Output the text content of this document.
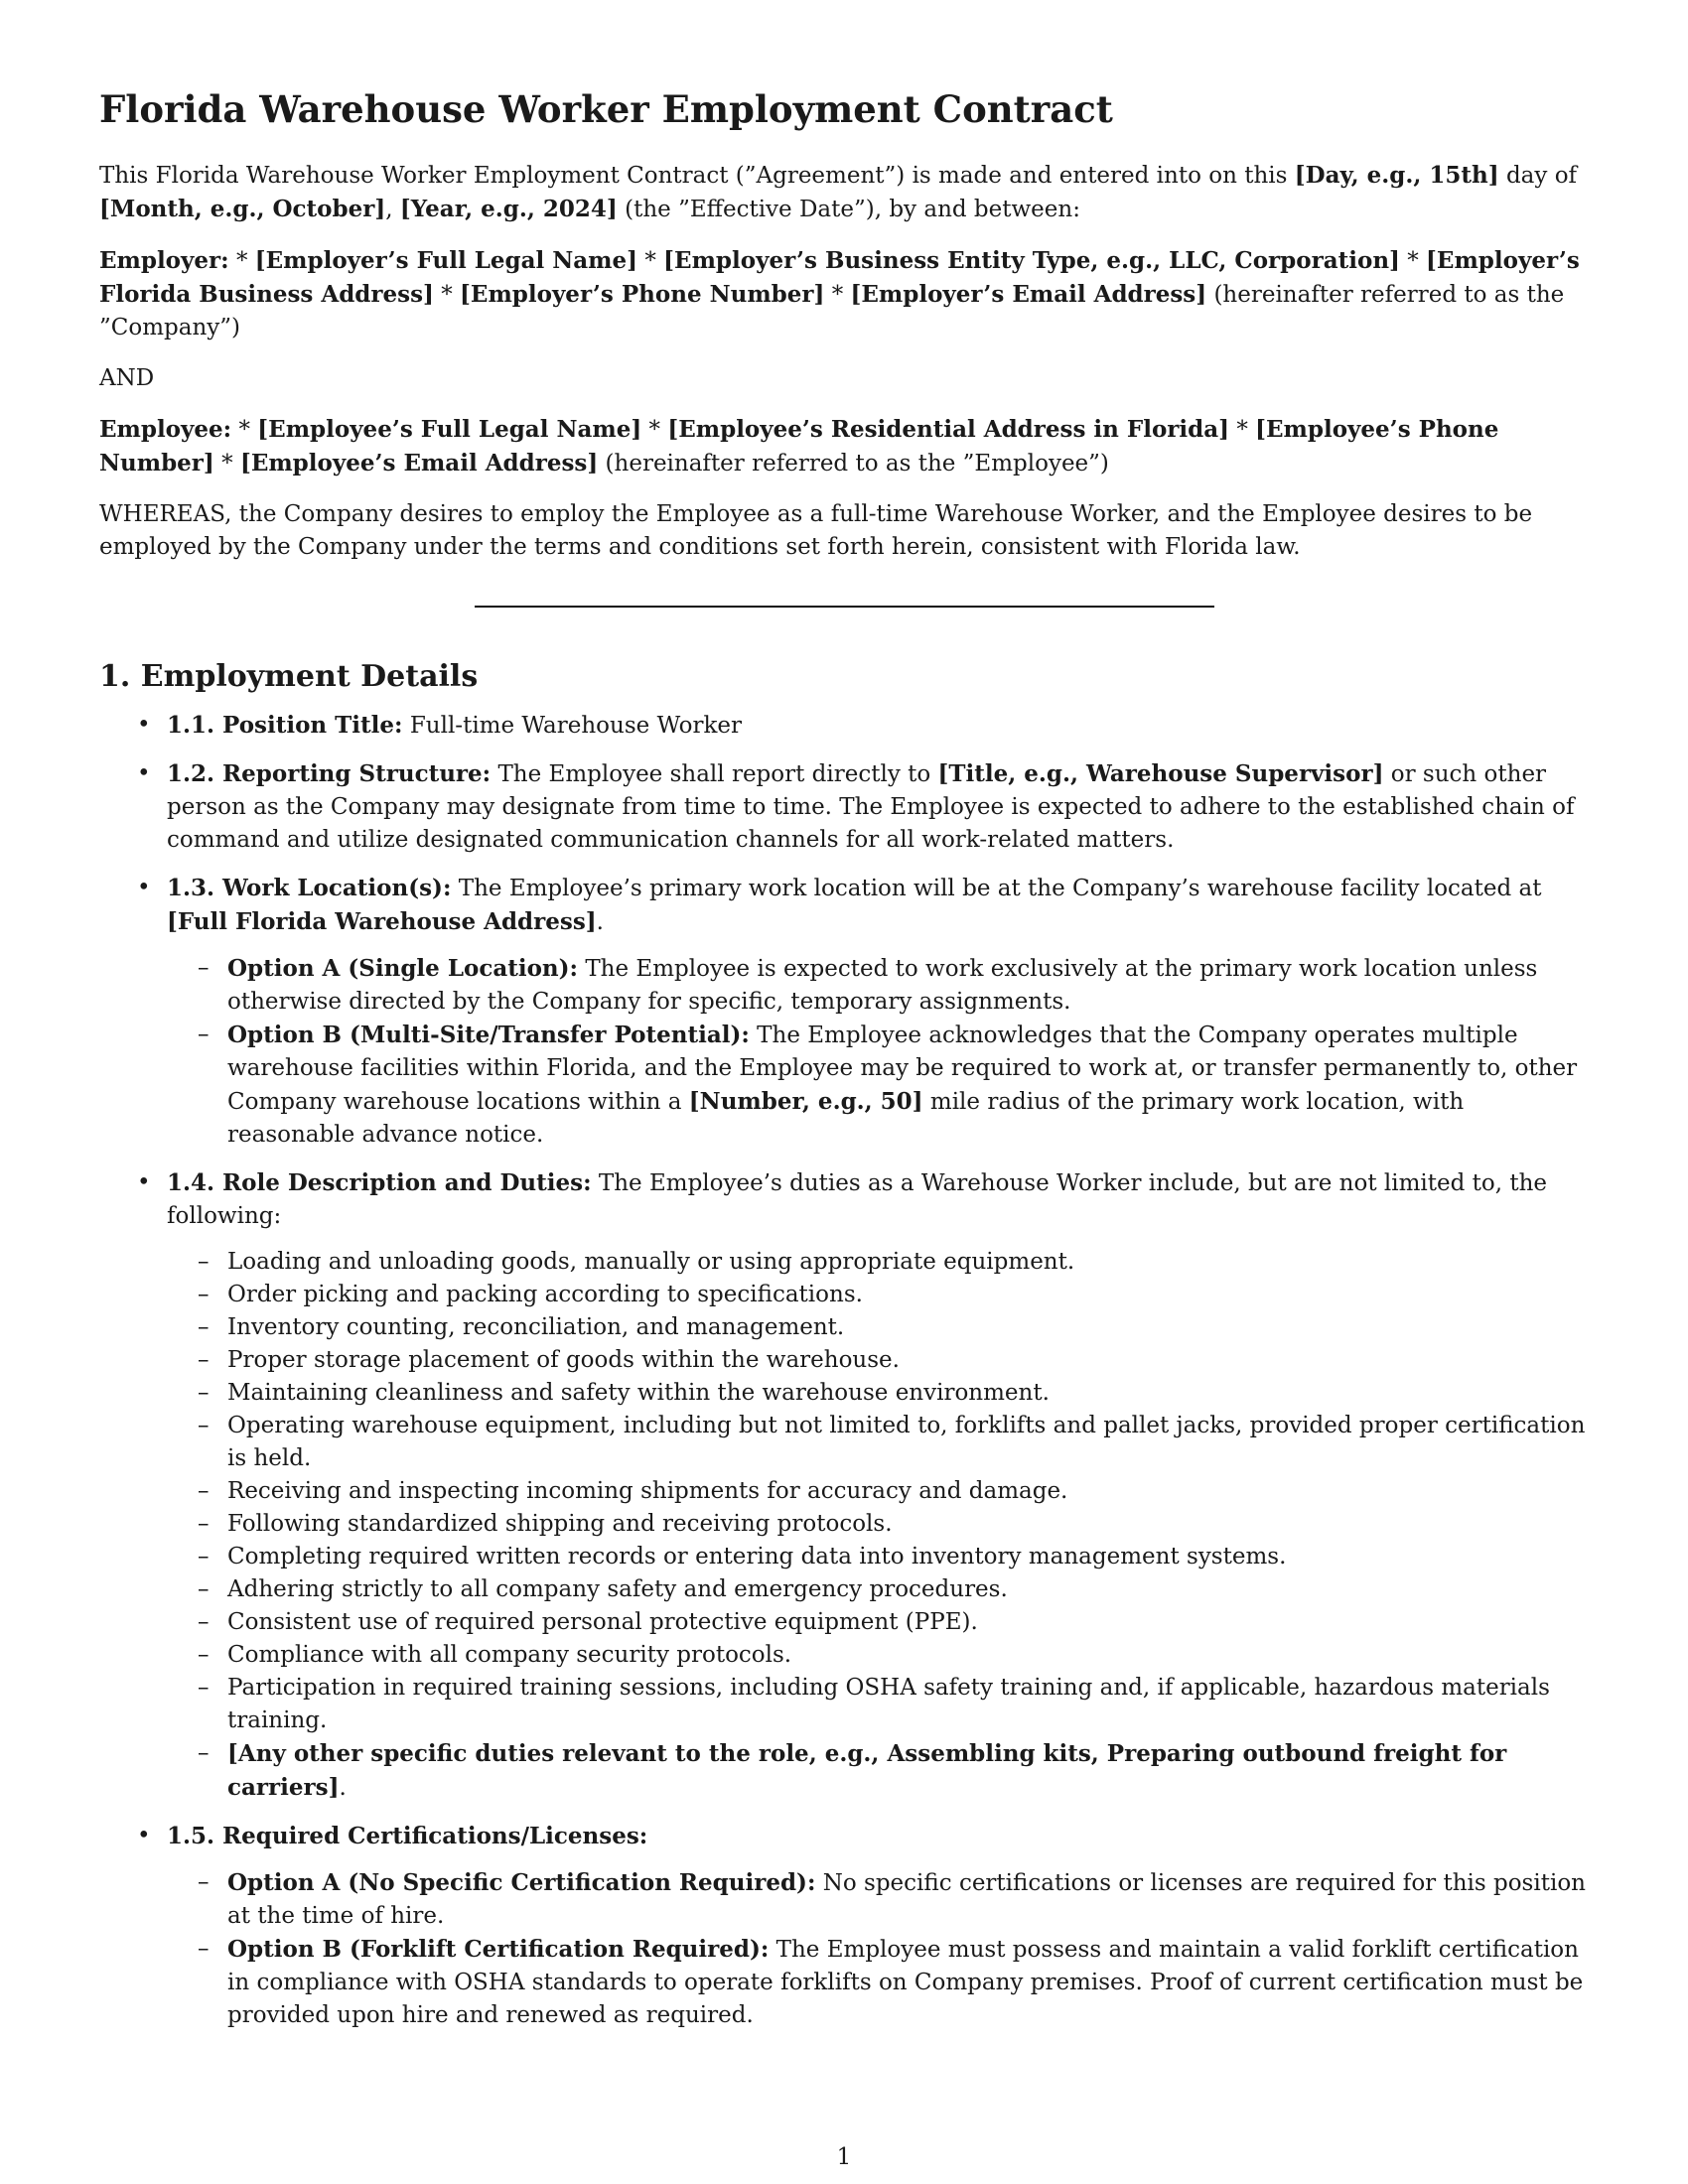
Florida Warehouse Worker Employment Contract

This Florida Warehouse Worker Employment Contract (”Agreement”) is made and entered into on this [Day, e.g., 15th] day of [Month, e.g., October], [Year, e.g., 2024] (the ”Effective Date”), by and between:

Employer: * [Employer’s Full Legal Name] * [Employer’s Business Entity Type, e.g., LLC, Corporation] * [Employer’s Florida Business Address] * [Employer’s Phone Number] * [Employer’s Email Address] (hereinafter referred to as the ”Company”)

AND

Employee: * [Employee’s Full Legal Name] * [Employee’s Residential Address in Florida] * [Employee’s Phone Number] * [Employee’s Email Address] (hereinafter referred to as the ”Employee”)

WHEREAS, the Company desires to employ the Employee as a full-time Warehouse Worker, and the Employee desires to be employed by the Company under the terms and conditions set forth herein, consistent with Florida law.

1. Employment Details
• 1.1. Position Title: Full-time Warehouse Worker
• 1.2. Reporting Structure: The Employee shall report directly to [Title, e.g., Warehouse Supervisor] or such other person as the Company may designate from time to time. The Employee is expected to adhere to the established chain of command and utilize designated communication channels for all work-related matters.
• 1.3. Work Location(s): The Employee’s primary work location will be at the Company’s warehouse facility located at [Full Florida Warehouse Address].
– Option A (Single Location): The Employee is expected to work exclusively at the primary work location unless otherwise directed by the Company for specific, temporary assignments.
– Option B (Multi-Site/Transfer Potential): The Employee acknowledges that the Company operates multiple warehouse facilities within Florida, and the Employee may be required to work at, or transfer permanently to, other Company warehouse locations within a [Number, e.g., 50] mile radius of the primary work location, with reasonable advance notice.
• 1.4. Role Description and Duties: The Employee’s duties as a Warehouse Worker include, but are not limited to, the following:
– Loading and unloading goods, manually or using appropriate equipment.
– Order picking and packing according to specifications.
– Inventory counting, reconciliation, and management.
– Proper storage placement of goods within the warehouse.
– Maintaining cleanliness and safety within the warehouse environment.
– Operating warehouse equipment, including but not limited to, forklifts and pallet jacks, provided proper certification is held.
– Receiving and inspecting incoming shipments for accuracy and damage.
– Following standardized shipping and receiving protocols.
– Completing required written records or entering data into inventory management systems.
– Adhering strictly to all company safety and emergency procedures.
– Consistent use of required personal protective equipment (PPE).
– Compliance with all company security protocols.
– Participation in required training sessions, including OSHA safety training and, if applicable, hazardous materials training.
– [Any other specific duties relevant to the role, e.g., Assembling kits, Preparing outbound freight for carriers].
• 1.5. Required Certifications/Licenses:
– Option A (No Specific Certification Required): No specific certifications or licenses are required for this position at the time of hire.
– Option B (Forklift Certification Required): The Employee must possess and maintain a valid forklift certification in compliance with OSHA standards to operate forklifts on Company premises. Proof of current certification must be provided upon hire and renewed as required.
1
